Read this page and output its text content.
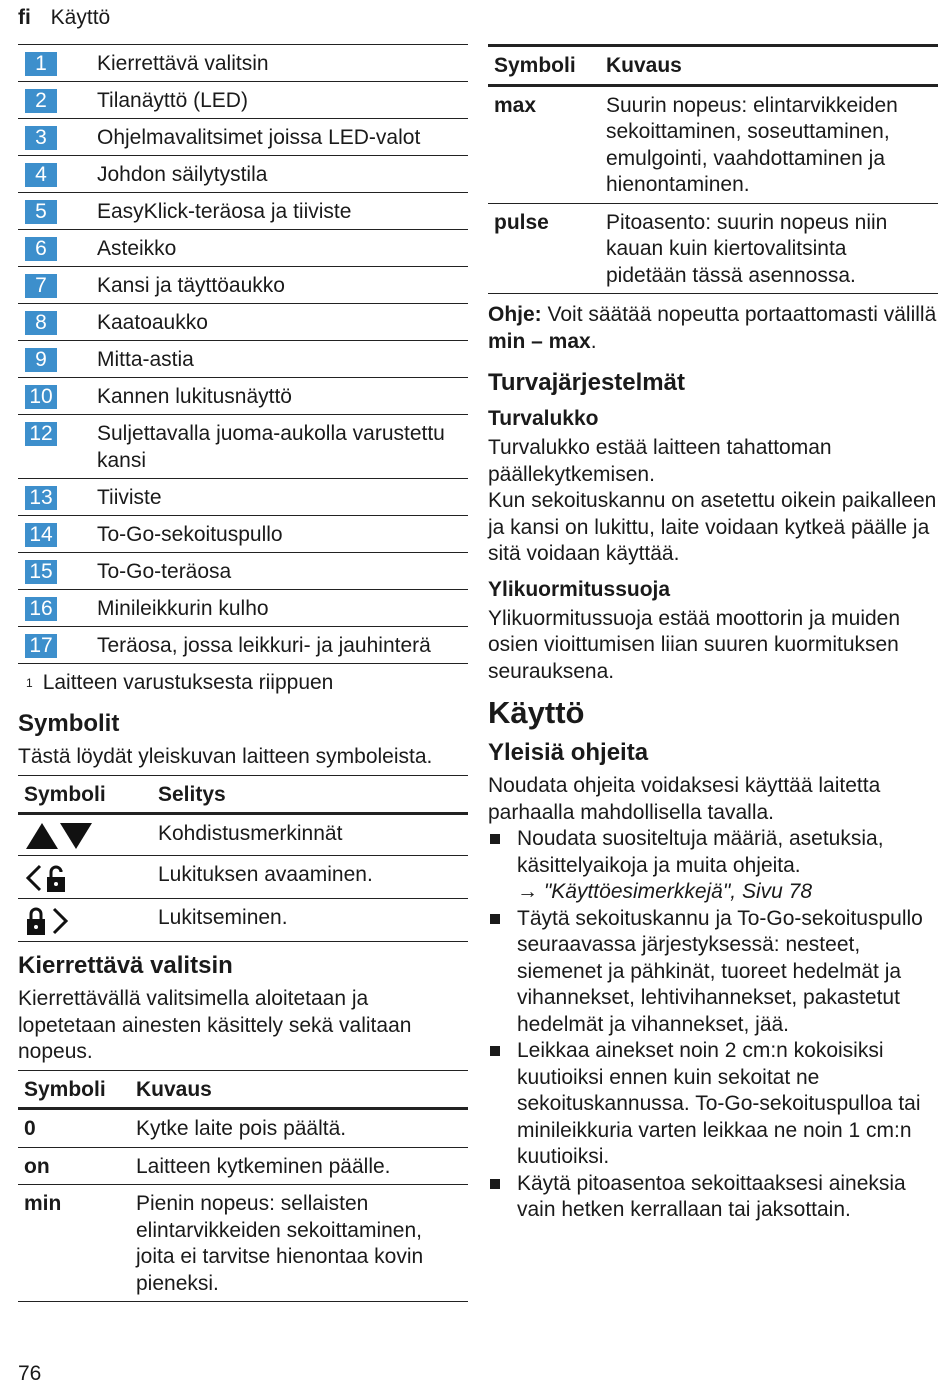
fi Käyttö
1	Kierrettävä valitsin
2	Tilanäyttö (LED)
3	Ohjelmavalitsimet joissa LED-valot
4	Johdon säilytystila
5	EasyKlick-teräosa ja tiiviste
6	Asteikko
7	Kansi ja täyttöaukko
8	Kaatoaukko
9	Mitta-astia
10 Kannen lukitusnäyttö
12 Suljettavalla juoma-aukolla varustettu kansi
13 Tiiviste
14 To-Go-sekoituspullo
15 To-Go-teräosa
16 Minileikkurin kulho
17 Teräosa, jossa leikkuri- ja jauhinterä
$^1$ Laitteen varustuksesta riippuen
Symbolit

Tästä löydät yleiskuvan laitteen symboleista.

Symboli	Selitys

	Kohdistusmerkinnät

	Lukituksen avaaminen.

	Lukitseminen.
Kierrettävä valitsin

Kierrettävällä valitsimella aloitetaan ja lopetetaan ainesten käsittely sekä valitaan nopeus.

Symboli	Kuvaus
0	Kytke laite pois päältä.
on	Laitteen kytkeminen päälle.
min	Pienin nopeus: sellaisten elintarvikkeiden sekoittaminen, joita ei tarvitse hienontaa kovin pieneksi.
Symboli	Kuvaus
max	Suurin nopeus: elintarvikkeiden sekoittaminen, soseuttaminen, emulgointi, vaahdottaminen ja hienontaminen.
pulse	Pitoasento: suurin nopeus niin kauan kuin kiertovalitsinta pidetään tässä asennossa.

Ohje: Voit säätää nopeutta portaattomasti välillä min – max.

Turvajärjestelmät
Turvalukko

Turvalukko estää laitteen tahattoman päällekytkemisen.

Kun sekoituskannu on asetettu oikein paikalleen ja kansi on lukittu, laite voidaan kytkeä päälle ja sitä voidaan käyttää.

Ylikuormitussuoja

Ylikuormitussuoja estää moottorin ja muiden osien vioittumisen liian suuren kuormituksen seurauksena.

Käyttö
Yleisiä ohjeita

Noudata ohjeita voidaksesi käyttää laitetta parhaalla mahdollisella tavalla.

Noudata suositeltuja määriä, asetuksia, käsittelyaikoja ja muita ohjeita.
→ "Käyttöesimerkkejä", Sivu 78
Täytä sekoituskannu ja To-Go-sekoituspullo seuraavassa järjestyksessä: nesteet, siemenet ja pähkinät, tuoreet hedelmät ja vihannekset, lehtivihannekset, pakastetut hedelmät ja vihannekset, jää.
Leikkaa ainekset noin 2 cm:n kokoisiksi kuutioiksi ennen kuin sekoitat ne sekoituskannussa. To-Go-sekoituspulloa tai minileikkuria varten leikkaa ne noin 1 cm:n kuutioiksi.
Käytä pitoasentoa sekoittaaksesi aineksia vain hetken kerrallaan tai jaksottain.
76
